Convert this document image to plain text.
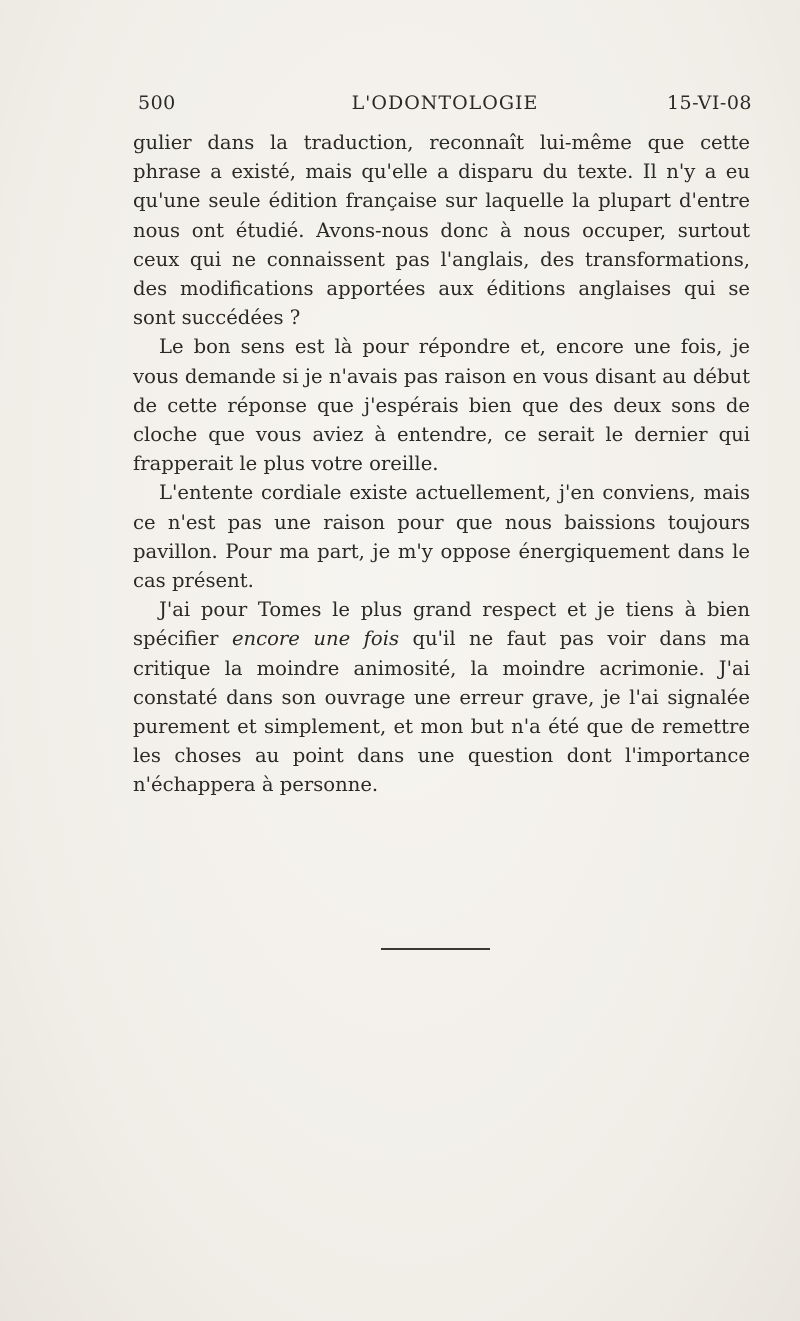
500	L'ODONTOLOGIE	15-VI-08

gulier dans la traduction, reconnaît lui-même que cette phrase a existé, mais qu'elle a disparu du texte. Il n'y a eu qu'une seule édition française sur laquelle la plupart d'entre nous ont étudié. Avons-nous donc à nous occuper, surtout ceux qui ne connaissent pas l'anglais, des transformations, des modifications apportées aux éditions anglaises qui se sont succédées ?

Le bon sens est là pour répondre et, encore une fois, je vous demande si je n'avais pas raison en vous disant au début de cette réponse que j'espérais bien que des deux sons de cloche que vous aviez à entendre, ce serait le dernier qui frapperait le plus votre oreille.

L'entente cordiale existe actuellement, j'en conviens, mais ce n'est pas une raison pour que nous baissions toujours pavillon. Pour ma part, je m'y oppose énergiquement dans le cas présent.

J'ai pour Tomes le plus grand respect et je tiens à bien spécifier encore une fois qu'il ne faut pas voir dans ma critique la moindre animosité, la moindre acrimonie. J'ai constaté dans son ouvrage une erreur grave, je l'ai signalée purement et simplement, et mon but n'a été que de remettre les choses au point dans une question dont l'importance n'échappera à personne.
